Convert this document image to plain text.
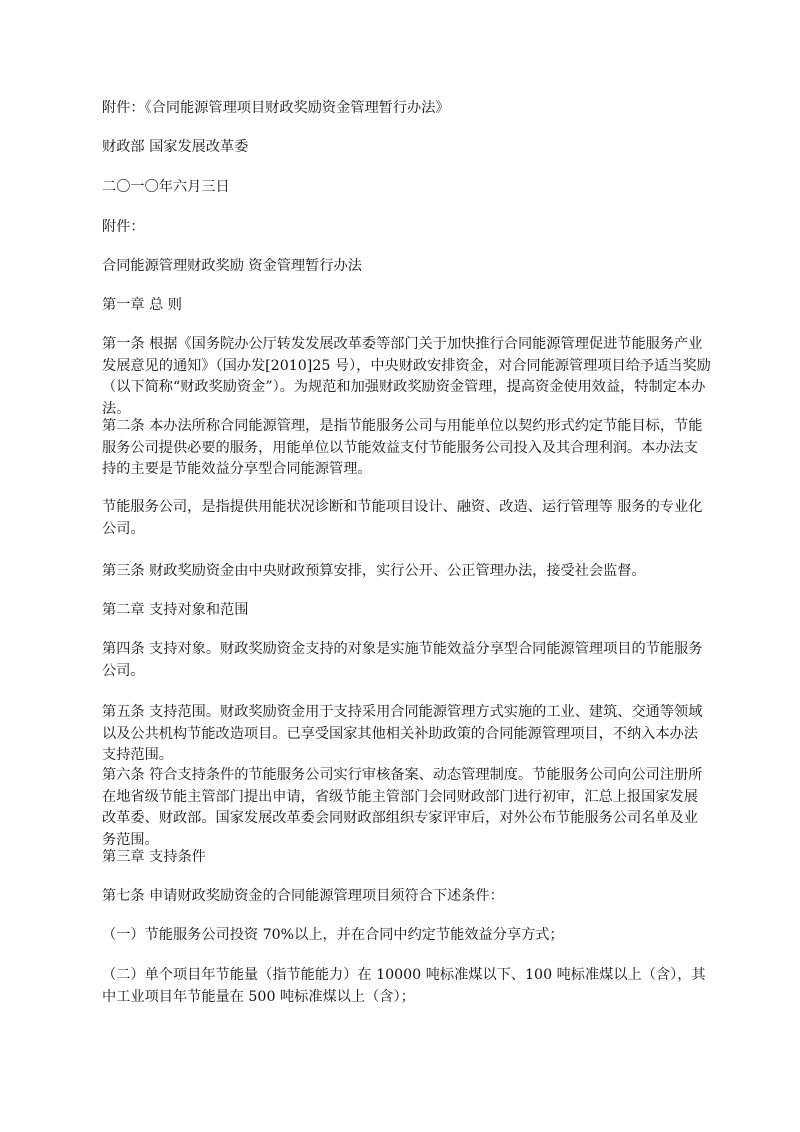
附件：《合同能源管理项目财政奖励资金管理暂行办法》

财政部 国家发展改革委

二〇一〇年六月三日

附件：

合同能源管理财政奖励 资金管理暂行办法

第一章 总 则

第一条 根据《国务院办公厅转发发展改革委等部门关于加快推行合同能源管理促进节能服务产业发展意见的通知》（国办发[2010]25 号），中央财政安排资金，对合同能源管理项目给予适当奖励（以下简称“财政奖励资金”）。为规范和加强财政奖励资金管理，提高资金使用效益，特制定本办法。

第二条 本办法所称合同能源管理，是指节能服务公司与用能单位以契约形式约定节能目标，节能服务公司提供必要的服务，用能单位以节能效益支付节能服务公司投入及其合理利润。本办法支持的主要是节能效益分享型合同能源管理。

节能服务公司，是指提供用能状况诊断和节能项目设计、融资、改造、运行管理等 服务的专业化公司。

第三条 财政奖励资金由中央财政预算安排，实行公开、公正管理办法，接受社会监督。

第二章 支持对象和范围

第四条 支持对象。财政奖励资金支持的对象是实施节能效益分享型合同能源管理项目的节能服务公司。

第五条 支持范围。财政奖励资金用于支持采用合同能源管理方式实施的工业、建筑、交通等领域以及公共机构节能改造项目。已享受国家其他相关补助政策的合同能源管理项目，不纳入本办法支持范围。

第六条 符合支持条件的节能服务公司实行审核备案、动态管理制度。节能服务公司向公司注册所在地省级节能主管部门提出申请，省级节能主管部门会同财政部门进行初审，汇总上报国家发展改革委、财政部。国家发展改革委会同财政部组织专家评审后，对外公布节能服务公司名单及业务范围。

第三章 支持条件

第七条 申请财政奖励资金的合同能源管理项目须符合下述条件：

（一）节能服务公司投资 70%以上，并在合同中约定节能效益分享方式；

（二）单个项目年节能量（指节能能力）在 10000 吨标准煤以下、100 吨标准煤以上（含），其中工业项目年节能量在 500 吨标准煤以上（含）；
